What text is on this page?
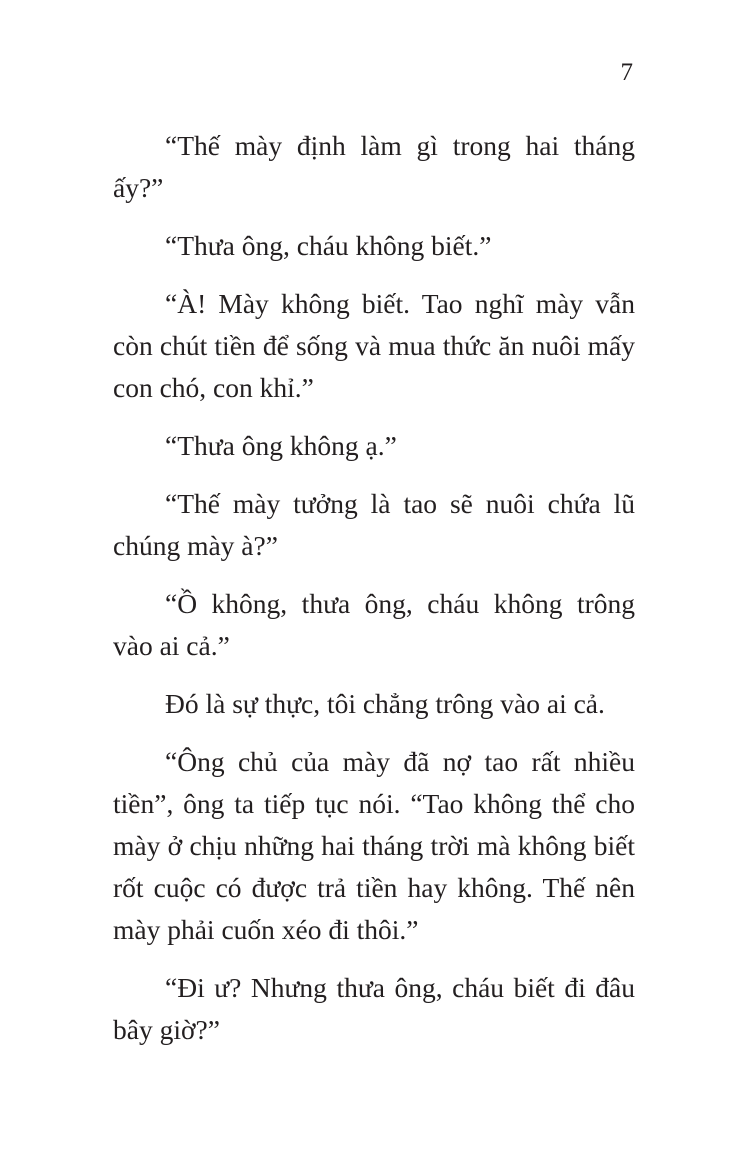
7

“Thế mày định làm gì trong hai tháng ấy?”

“Thưa ông, cháu không biết.”

“À! Mày không biết. Tao nghĩ mày vẫn còn chút tiền để sống và mua thức ăn nuôi mấy con chó, con khỉ.”

“Thưa ông không ạ.”

“Thế mày tưởng là tao sẽ nuôi chứa lũ chúng mày à?”

“Ồ không, thưa ông, cháu không trông vào ai cả.”

Đó là sự thực, tôi chẳng trông vào ai cả.

“Ông chủ của mày đã nợ tao rất nhiều tiền”, ông ta tiếp tục nói. “Tao không thể cho mày ở chịu những hai tháng trời mà không biết rốt cuộc có được trả tiền hay không. Thế nên mày phải cuốn xéo đi thôi.”

“Đi ư? Nhưng thưa ông, cháu biết đi đâu bây giờ?”
